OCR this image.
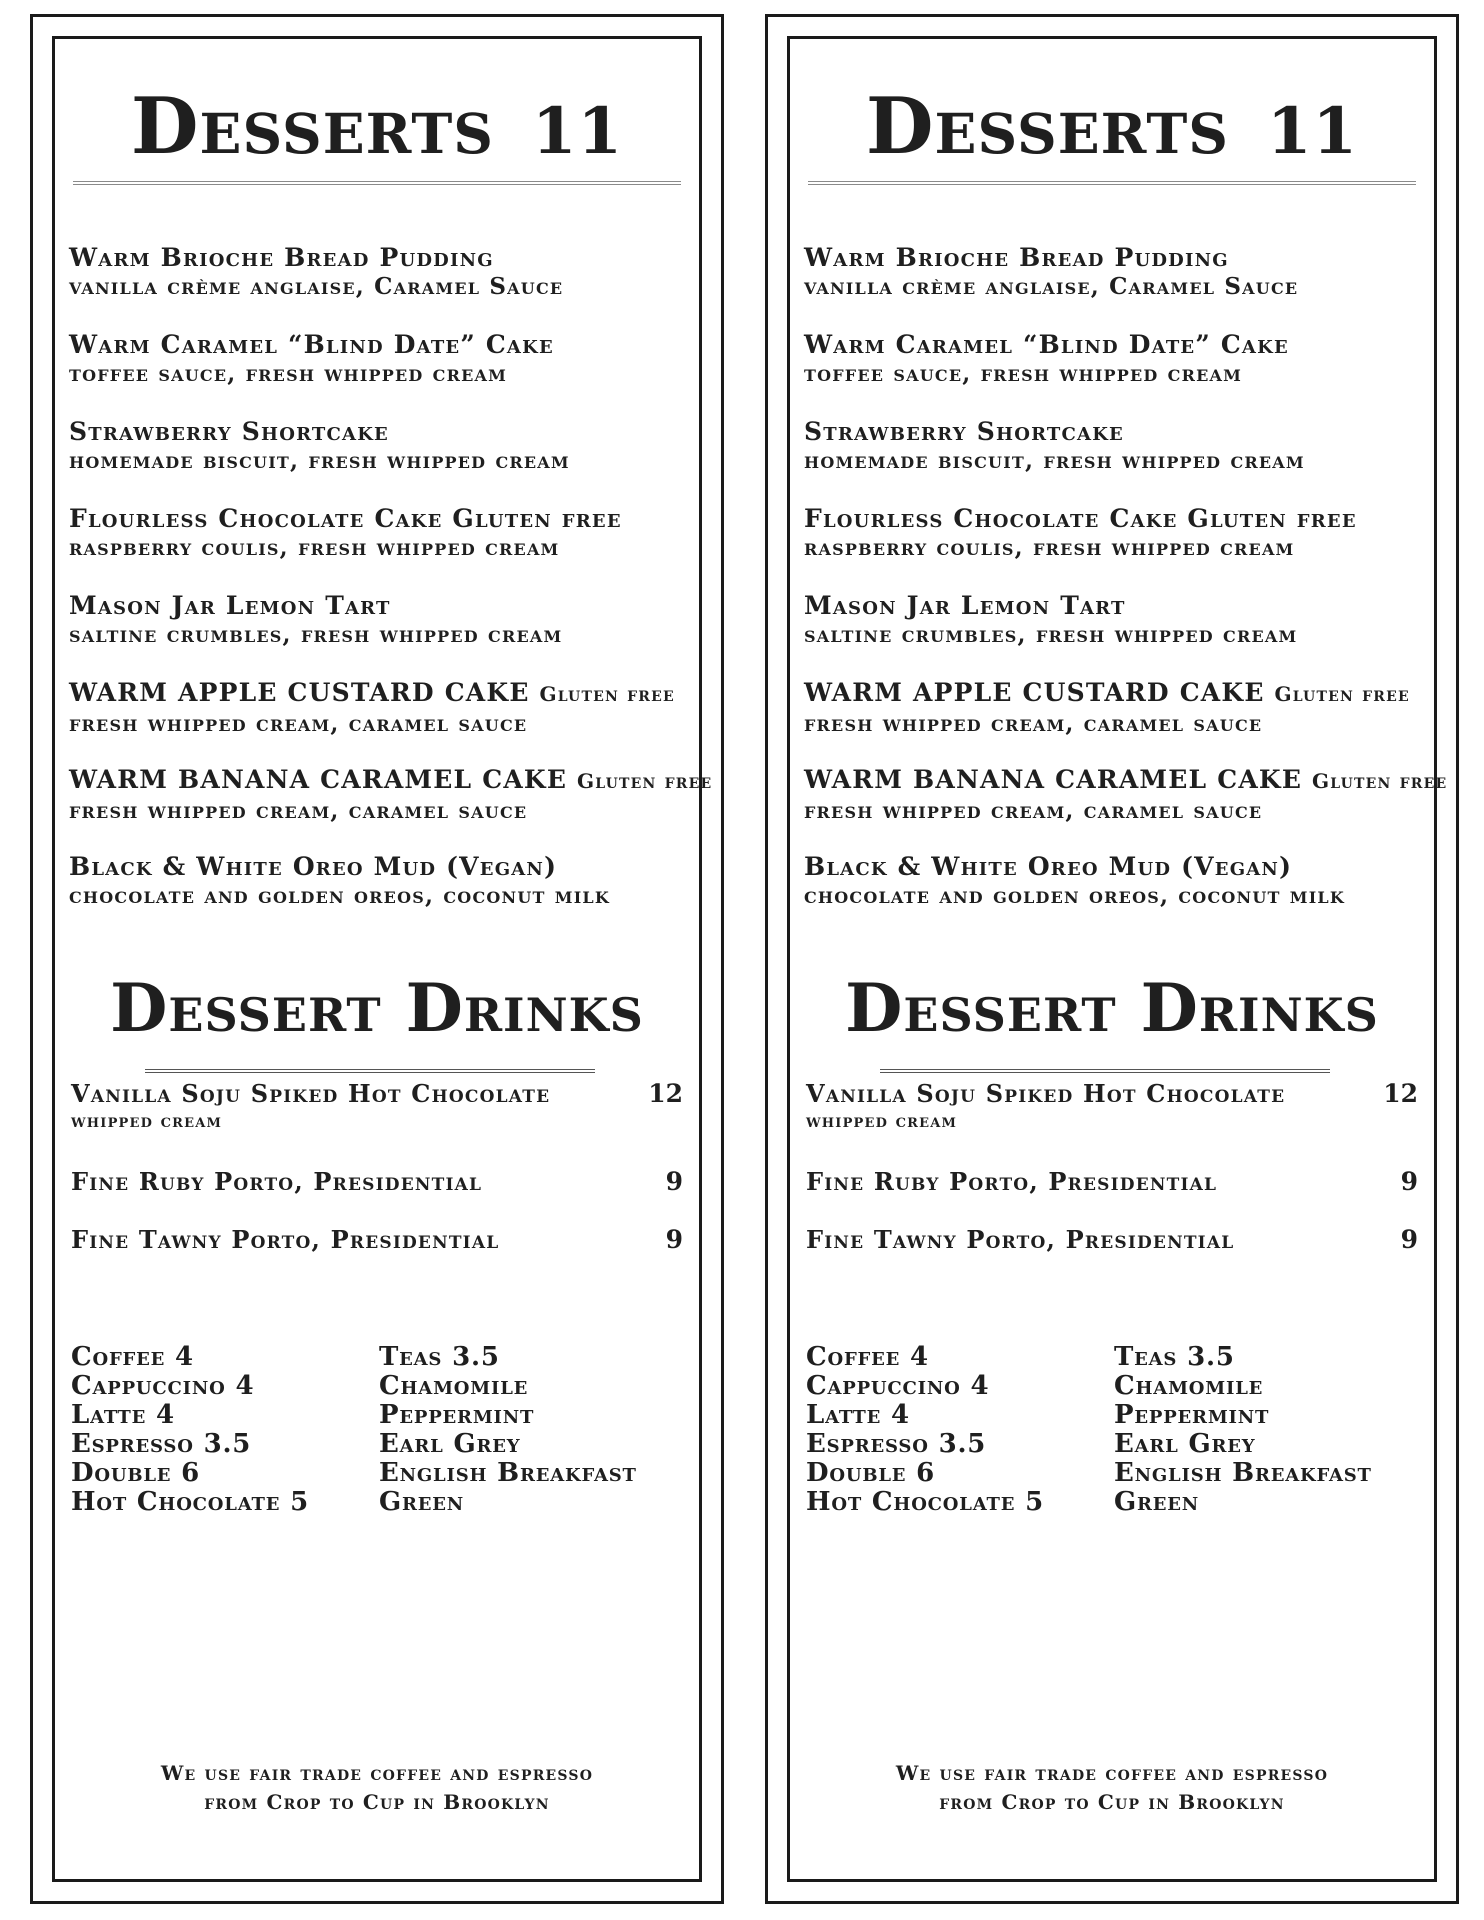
Desserts 11
Warm Brioche Bread Pudding
vanilla crème anglaise, Caramel Sauce
Warm Caramel “Blind Date” Cake
toffee sauce, fresh whipped cream
Strawberry Shortcake
homemade biscuit, fresh whipped cream
Flourless Chocolate Cake Gluten free
raspberry coulis, fresh whipped cream
Mason Jar Lemon Tart
saltine crumbles, fresh whipped cream
WARM APPLE CUSTARD CAKE Gluten free
fresh whipped cream, caramel sauce
WARM BANANA CARAMEL CAKE Gluten free
fresh whipped cream, caramel sauce
Black & White Oreo Mud (Vegan)
chocolate and golden oreos, coconut milk
Dessert Drinks
Vanilla Soju Spiked Hot Chocolate	12
whipped cream
Fine Ruby Porto, Presidential	9
Fine Tawny Porto, Presidential	9
Coffee 4
Cappuccino 4
Latte 4
Espresso 3.5
Double 6
Hot Chocolate 5
Teas 3.5
Chamomile
Peppermint
Earl Grey
English Breakfast
Green
We use fair trade coffee and espresso
from Crop to Cup in Brooklyn
Desserts 11
Warm Brioche Bread Pudding
vanilla crème anglaise, Caramel Sauce
Warm Caramel “Blind Date” Cake
toffee sauce, fresh whipped cream
Strawberry Shortcake
homemade biscuit, fresh whipped cream
Flourless Chocolate Cake Gluten free
raspberry coulis, fresh whipped cream
Mason Jar Lemon Tart
saltine crumbles, fresh whipped cream
WARM APPLE CUSTARD CAKE Gluten free
fresh whipped cream, caramel sauce
WARM BANANA CARAMEL CAKE Gluten free
fresh whipped cream, caramel sauce
Black & White Oreo Mud (Vegan)
chocolate and golden oreos, coconut milk
Dessert Drinks
Vanilla Soju Spiked Hot Chocolate	12
whipped cream
Fine Ruby Porto, Presidential	9
Fine Tawny Porto, Presidential	9
Coffee 4
Cappuccino 4
Latte 4
Espresso 3.5
Double 6
Hot Chocolate 5
Teas 3.5
Chamomile
Peppermint
Earl Grey
English Breakfast
Green
We use fair trade coffee and espresso
from Crop to Cup in Brooklyn
